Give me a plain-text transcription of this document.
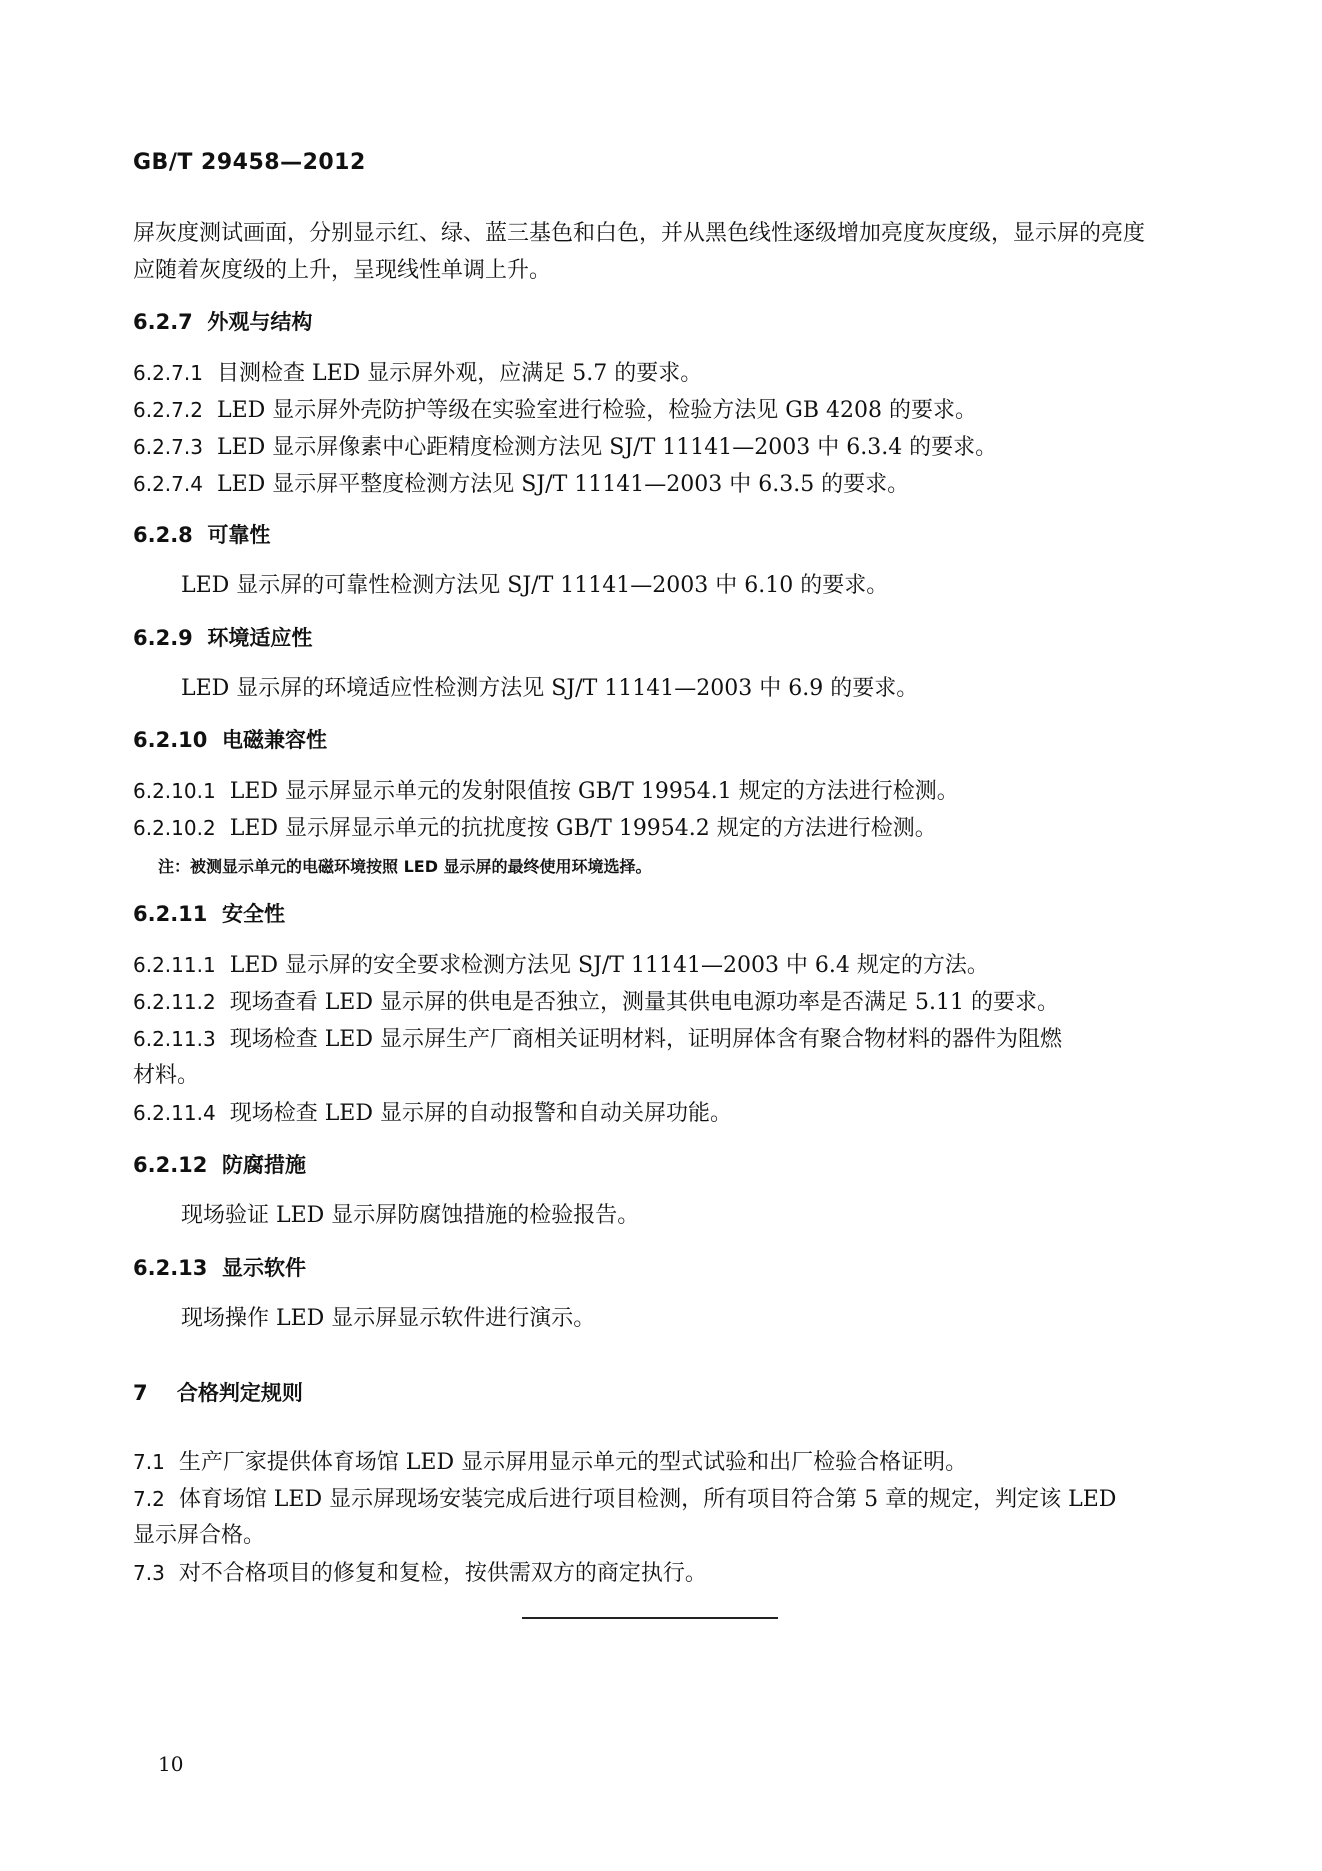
GB/T 29458—2012
屏灰度测试画面，分别显示红、绿、蓝三基色和白色，并从黑色线性逐级增加亮度灰度级，显示屏的亮度
应随着灰度级的上升，呈现线性单调上升。
6.2.7 外观与结构
6.2.7.1 目测检查 LED 显示屏外观，应满足 5.7 的要求。
6.2.7.2 LED 显示屏外壳防护等级在实验室进行检验，检验方法见 GB 4208 的要求。
6.2.7.3 LED 显示屏像素中心距精度检测方法见 SJ/T 11141—2003 中 6.3.4 的要求。
6.2.7.4 LED 显示屏平整度检测方法见 SJ/T 11141—2003 中 6.3.5 的要求。
6.2.8 可靠性
LED 显示屏的可靠性检测方法见 SJ/T 11141—2003 中 6.10 的要求。
6.2.9 环境适应性
LED 显示屏的环境适应性检测方法见 SJ/T 11141—2003 中 6.9 的要求。
6.2.10 电磁兼容性
6.2.10.1 LED 显示屏显示单元的发射限值按 GB/T 19954.1 规定的方法进行检测。
6.2.10.2 LED 显示屏显示单元的抗扰度按 GB/T 19954.2 规定的方法进行检测。
注：被测显示单元的电磁环境按照 LED 显示屏的最终使用环境选择。
6.2.11 安全性
6.2.11.1 LED 显示屏的安全要求检测方法见 SJ/T 11141—2003 中 6.4 规定的方法。
6.2.11.2 现场查看 LED 显示屏的供电是否独立，测量其供电电源功率是否满足 5.11 的要求。
6.2.11.3 现场检查 LED 显示屏生产厂商相关证明材料，证明屏体含有聚合物材料的器件为阻燃
材料。
6.2.11.4 现场检查 LED 显示屏的自动报警和自动关屏功能。
6.2.12 防腐措施
现场验证 LED 显示屏防腐蚀措施的检验报告。
6.2.13 显示软件
现场操作 LED 显示屏显示软件进行演示。
7 合格判定规则
7.1 生产厂家提供体育场馆 LED 显示屏用显示单元的型式试验和出厂检验合格证明。
7.2 体育场馆 LED 显示屏现场安装完成后进行项目检测，所有项目符合第 5 章的规定，判定该 LED
显示屏合格。
7.3 对不合格项目的修复和复检，按供需双方的商定执行。
10
